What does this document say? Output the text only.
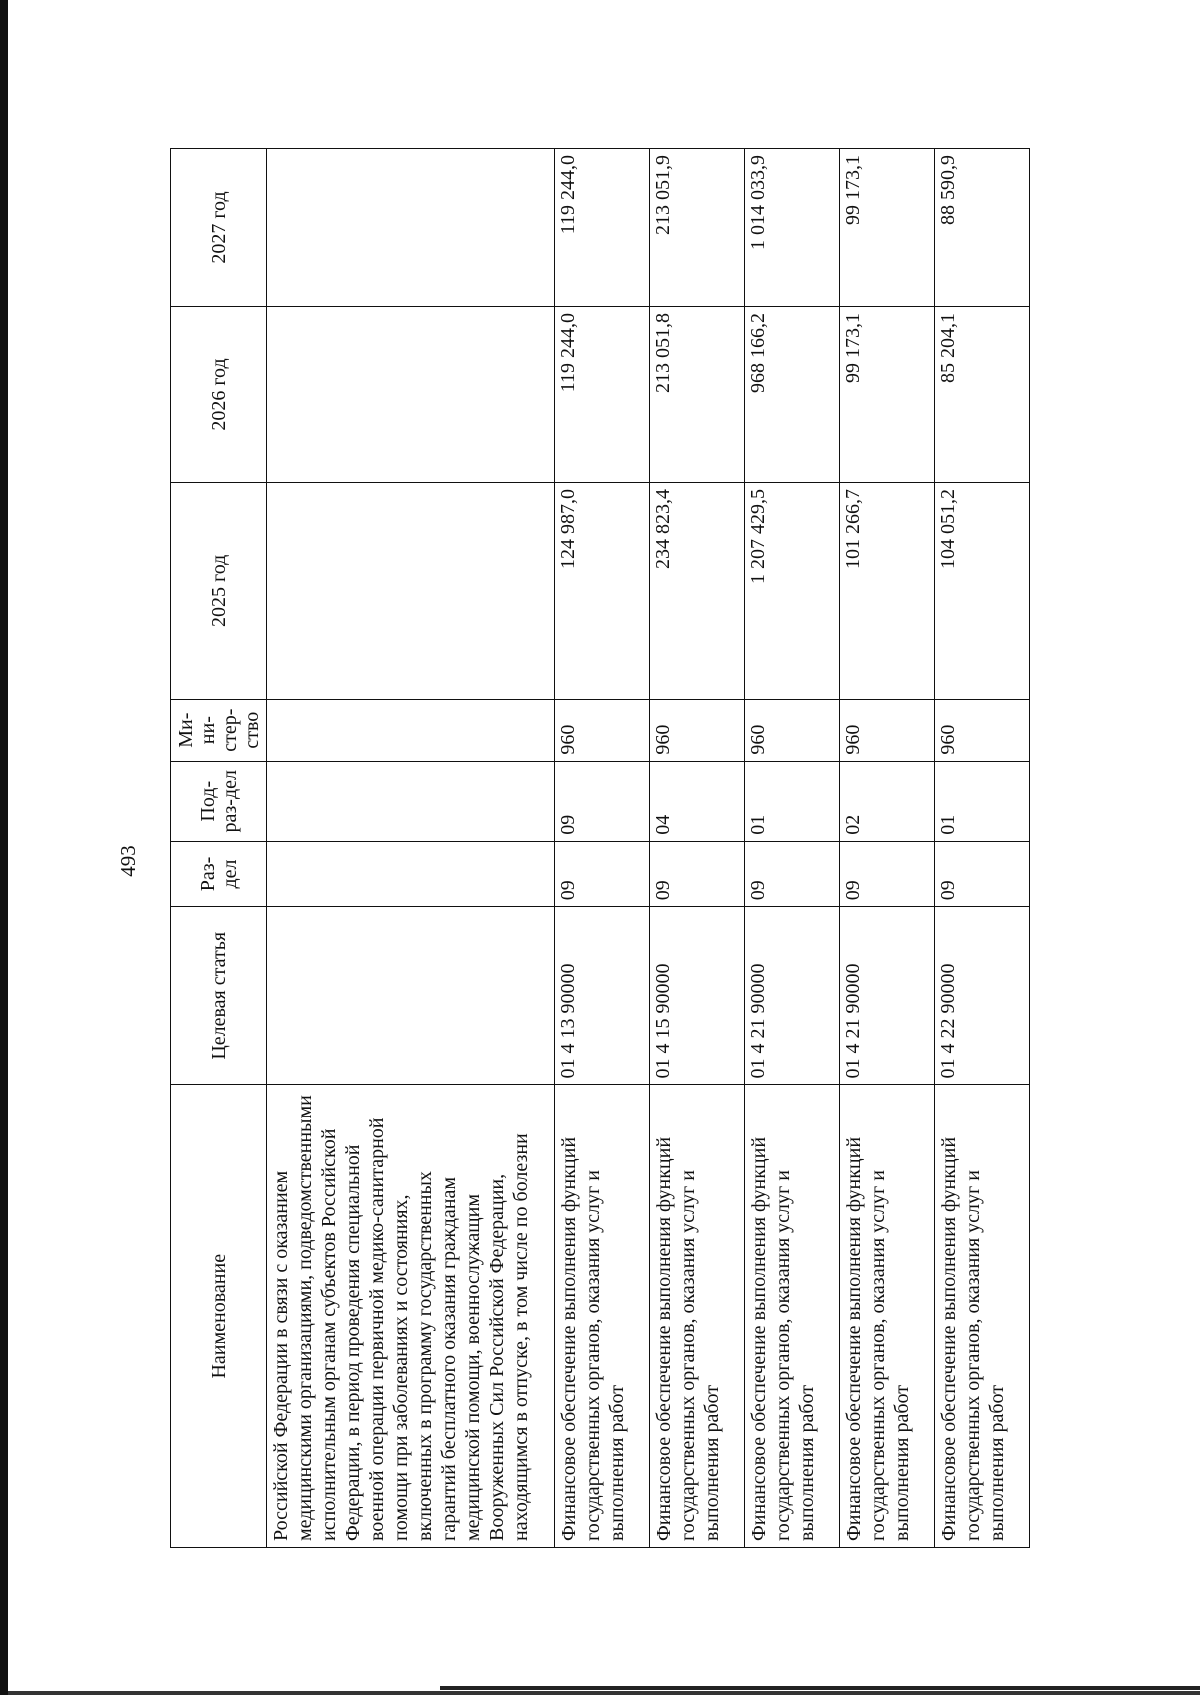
493
Наименование	Целевая статья	Раз-дел	Под-раз-дел	Ми-ни-стер-ство	2025 год	2026 год	2027 год
Российской Федерации в связи с оказанием медицинскими организациями, подведомственными исполнительным органам субъектов Российской Федерации, в период проведения специальной военной операции первичной медико-санитарной помощи при заболеваниях и состояниях, включенных в программу государственных гарантий бесплатного оказания гражданам медицинской помощи, военнослужащим Вооруженных Сил Российской Федерации, находящимся в отпуске, в том числе по болезни							
Финансовое обеспечение выполнения функций государственных органов, оказания услуг и выполнения работ	01 4 13 90000	09	09	960	124 987,0	119 244,0	119 244,0
Финансовое обеспечение выполнения функций государственных органов, оказания услуг и выполнения работ	01 4 15 90000	09	04	960	234 823,4	213 051,8	213 051,9
Финансовое обеспечение выполнения функций государственных органов, оказания услуг и выполнения работ	01 4 21 90000	09	01	960	1 207 429,5	968 166,2	1 014 033,9
Финансовое обеспечение выполнения функций государственных органов, оказания услуг и выполнения работ	01 4 21 90000	09	02	960	101 266,7	99 173,1	99 173,1
Финансовое обеспечение выполнения функций государственных органов, оказания услуг и выполнения работ	01 4 22 90000	09	01	960	104 051,2	85 204,1	88 590,9
